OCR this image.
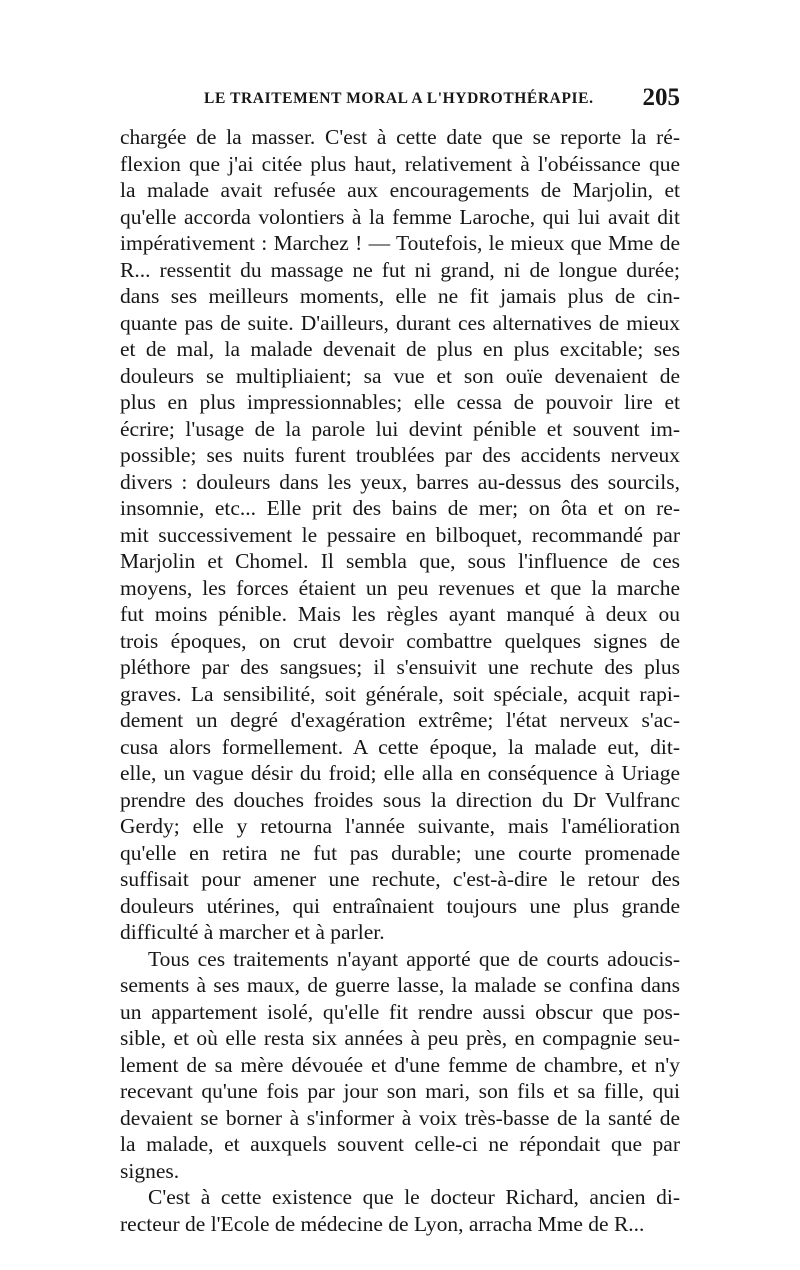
LE TRAITEMENT MORAL A L'HYDROTHÉRAPIE. 205
chargée de la masser. C'est à cette date que se reporte la ré-
flexion que j'ai citée plus haut, relativement à l'obéissance que
la malade avait refusée aux encouragements de Marjolin, et
qu'elle accorda volontiers à la femme Laroche, qui lui avait dit
impérativement : Marchez ! — Toutefois, le mieux que Mme de
R... ressentit du massage ne fut ni grand, ni de longue durée;
dans ses meilleurs moments, elle ne fit jamais plus de cin-
quante pas de suite. D'ailleurs, durant ces alternatives de mieux
et de mal, la malade devenait de plus en plus excitable; ses
douleurs se multipliaient; sa vue et son ouïe devenaient de
plus en plus impressionnables; elle cessa de pouvoir lire et
écrire; l'usage de la parole lui devint pénible et souvent im-
possible; ses nuits furent troublées par des accidents nerveux
divers : douleurs dans les yeux, barres au-dessus des sourcils,
insomnie, etc... Elle prit des bains de mer; on ôta et on re-
mit successivement le pessaire en bilboquet, recommandé par
Marjolin et Chomel. Il sembla que, sous l'influence de ces
moyens, les forces étaient un peu revenues et que la marche
fut moins pénible. Mais les règles ayant manqué à deux ou
trois époques, on crut devoir combattre quelques signes de
pléthore par des sangsues; il s'ensuivit une rechute des plus
graves. La sensibilité, soit générale, soit spéciale, acquit rapi-
dement un degré d'exagération extrême; l'état nerveux s'ac-
cusa alors formellement. A cette époque, la malade eut, dit-
elle, un vague désir du froid; elle alla en conséquence à Uriage
prendre des douches froides sous la direction du Dr Vulfranc
Gerdy; elle y retourna l'année suivante, mais l'amélioration
qu'elle en retira ne fut pas durable; une courte promenade
suffisait pour amener une rechute, c'est-à-dire le retour des
douleurs utérines, qui entraînaient toujours une plus grande
difficulté à marcher et à parler.
Tous ces traitements n'ayant apporté que de courts adoucis-
sements à ses maux, de guerre lasse, la malade se confina dans
un appartement isolé, qu'elle fit rendre aussi obscur que pos-
sible, et où elle resta six années à peu près, en compagnie seu-
lement de sa mère dévouée et d'une femme de chambre, et n'y
recevant qu'une fois par jour son mari, son fils et sa fille, qui
devaient se borner à s'informer à voix très-basse de la santé de
la malade, et auxquels souvent celle-ci ne répondait que par
signes.
C'est à cette existence que le docteur Richard, ancien di-
recteur de l'Ecole de médecine de Lyon, arracha Mme de R...
